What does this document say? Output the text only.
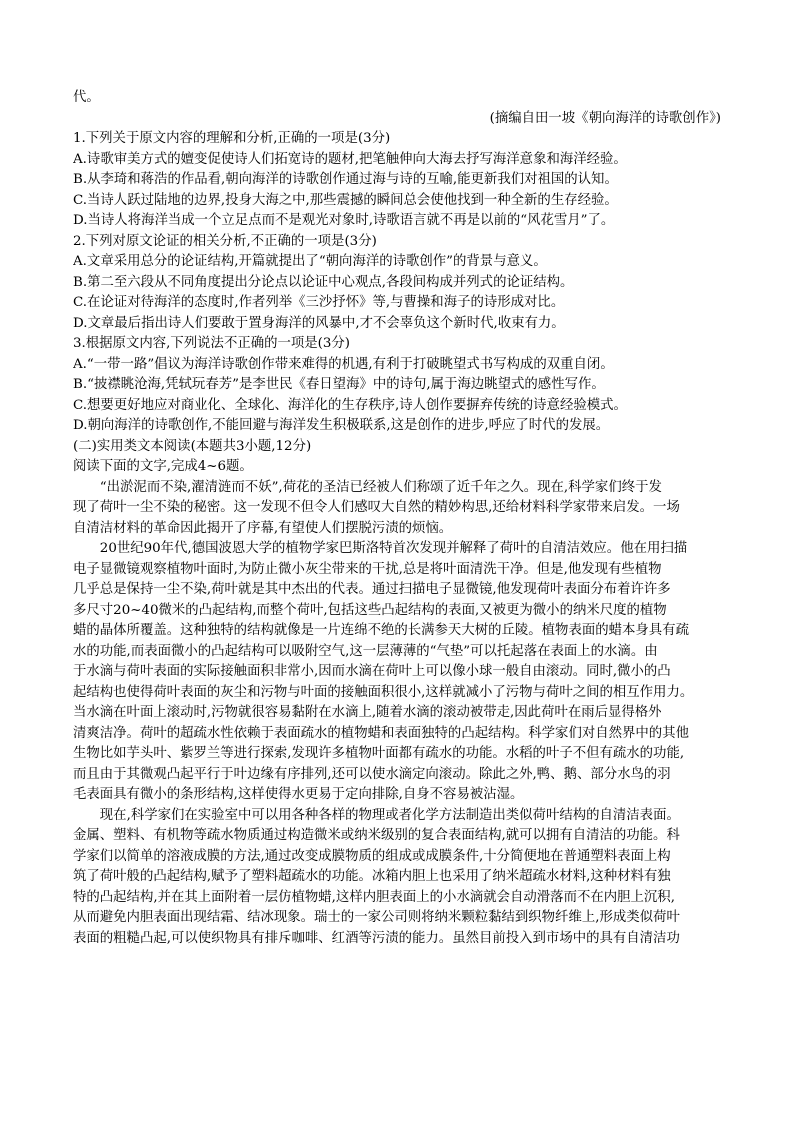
代。
(摘编自田一坡《朝向海洋的诗歌创作》)
1.下列关于原文内容的理解和分析,正确的一项是(3分)
A.诗歌审美方式的嬗变促使诗人们拓宽诗的题材,把笔触伸向大海去抒写海洋意象和海洋经验。
B.从李琦和蒋浩的作品看,朝向海洋的诗歌创作通过海与诗的互喻,能更新我们对祖国的认知。
C.当诗人跃过陆地的边界,投身大海之中,那些震撼的瞬间总会使他找到一种全新的生存经验。
D.当诗人将海洋当成一个立足点而不是观光对象时,诗歌语言就不再是以前的“风花雪月”了。
2.下列对原文论证的相关分析,不正确的一项是(3分)
A.文章采用总分的论证结构,开篇就提出了“朝向海洋的诗歌创作”的背景与意义。
B.第二至六段从不同角度提出分论点以论证中心观点,各段间构成并列式的论证结构。
C.在论证对待海洋的态度时,作者列举《三沙抒怀》等,与曹操和海子的诗形成对比。
D.文章最后指出诗人们要敢于置身海洋的风暴中,才不会辜负这个新时代,收束有力。
3.根据原文内容,下列说法不正确的一项是(3分)
A.“一带一路”倡议为海洋诗歌创作带来难得的机遇,有利于打破眺望式书写构成的双重自闭。
B.“披襟眺沧海,凭轼玩春芳”是李世民《春日望海》中的诗句,属于海边眺望式的感性写作。
C.想要更好地应对商业化、全球化、海洋化的生存秩序,诗人创作要摒弃传统的诗意经验模式。
D.朝向海洋的诗歌创作,不能回避与海洋发生积极联系,这是创作的进步,呼应了时代的发展。
(二)实用类文本阅读(本题共3小题,12分)
阅读下面的文字,完成4~6题。
“出淤泥而不染,濯清涟而不妖”,荷花的圣洁已经被人们称颂了近千年之久。现在,科学家们终于发
现了荷叶一尘不染的秘密。这一发现不但令人们感叹大自然的精妙构思,还给材料科学家带来启发。一场
自清洁材料的革命因此揭开了序幕,有望使人们摆脱污渍的烦恼。
20世纪90年代,德国波恩大学的植物学家巴斯洛特首次发现并解释了荷叶的自清洁效应。他在用扫描
电子显微镜观察植物叶面时,为防止微小灰尘带来的干扰,总是将叶面清洗干净。但是,他发现有些植物
几乎总是保持一尘不染,荷叶就是其中杰出的代表。通过扫描电子显微镜,他发现荷叶表面分布着许许多
多尺寸20~40微米的凸起结构,而整个荷叶,包括这些凸起结构的表面,又被更为微小的纳米尺度的植物
蜡的晶体所覆盖。这种独特的结构就像是一片连绵不绝的长满参天大树的丘陵。植物表面的蜡本身具有疏
水的功能,而表面微小的凸起结构可以吸附空气,这一层薄薄的“气垫”可以托起落在表面上的水滴。由
于水滴与荷叶表面的实际接触面积非常小,因而水滴在荷叶上可以像小球一般自由滚动。同时,微小的凸
起结构也使得荷叶表面的灰尘和污物与叶面的接触面积很小,这样就减小了污物与荷叶之间的相互作用力。
当水滴在叶面上滚动时,污物就很容易黏附在水滴上,随着水滴的滚动被带走,因此荷叶在雨后显得格外
清爽洁净。荷叶的超疏水性依赖于表面疏水的植物蜡和表面独特的凸起结构。科学家们对自然界中的其他
生物比如芋头叶、紫罗兰等进行探索,发现许多植物叶面都有疏水的功能。水稻的叶子不但有疏水的功能,
而且由于其微观凸起平行于叶边缘有序排列,还可以使水滴定向滚动。除此之外,鸭、鹅、部分水鸟的羽
毛表面具有微小的条形结构,这样使得水更易于定向排除,自身不容易被沾湿。
现在,科学家们在实验室中可以用各种各样的物理或者化学方法制造出类似荷叶结构的自清洁表面。
金属、塑料、有机物等疏水物质通过构造微米或纳米级别的复合表面结构,就可以拥有自清洁的功能。科
学家们以简单的溶液成膜的方法,通过改变成膜物质的组成或成膜条件,十分简便地在普通塑料表面上构
筑了荷叶般的凸起结构,赋予了塑料超疏水的功能。冰箱内胆上也采用了纳米超疏水材料,这种材料有独
特的凸起结构,并在其上面附着一层仿植物蜡,这样内胆表面上的小水滴就会自动滑落而不在内胆上沉积,
从而避免内胆表面出现结霜、结冰现象。瑞士的一家公司则将纳米颗粒黏结到织物纤维上,形成类似荷叶
表面的粗糙凸起,可以使织物具有排斥咖啡、红酒等污渍的能力。虽然目前投入到市场中的具有自清洁功
